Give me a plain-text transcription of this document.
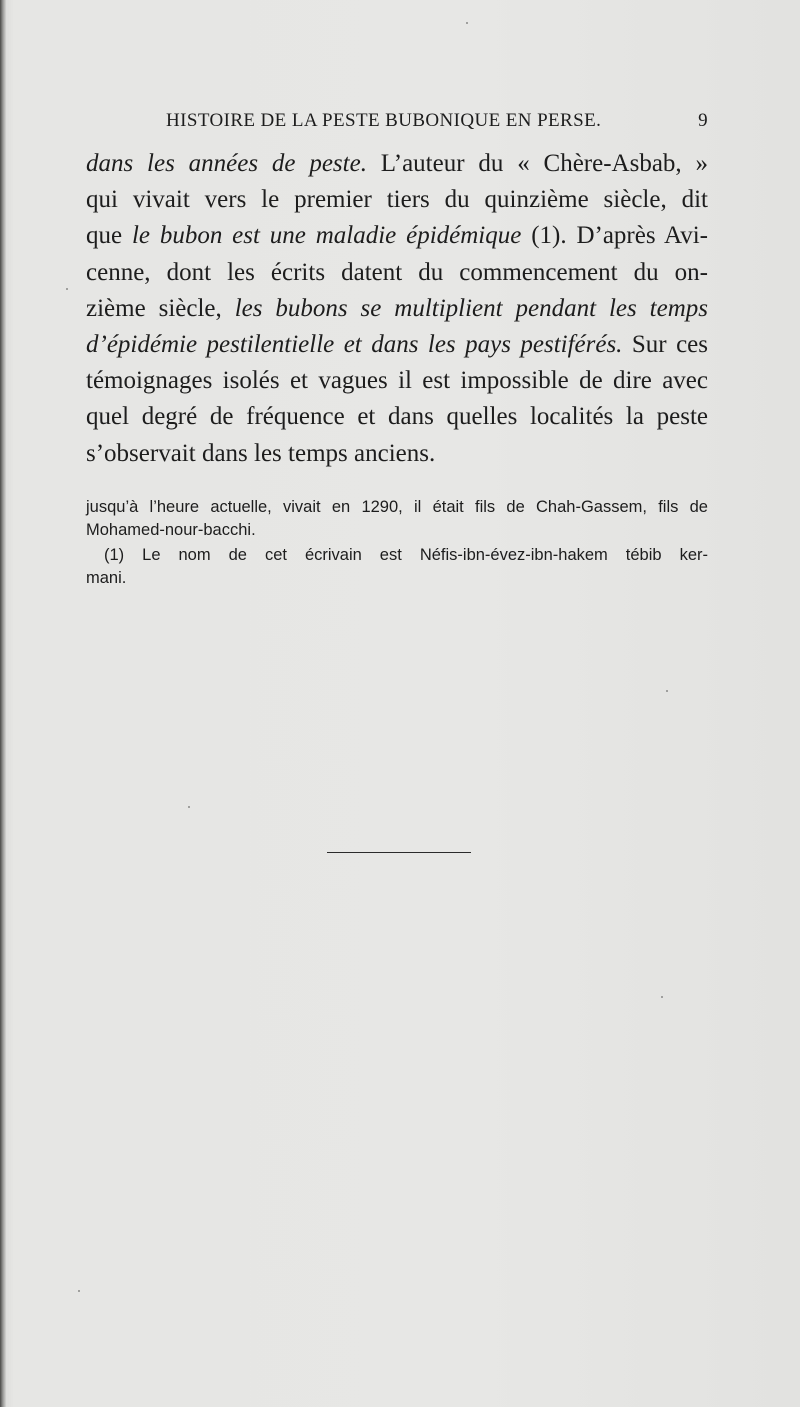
HISTOIRE DE LA PESTE BUBONIQUE EN PERSE.	9
dans les années de peste. L’auteur du « Chère-Asbab, »
qui vivait vers le premier tiers du quinzième siècle, dit
que le bubon est une maladie épidémique (1). D’après Avi-
cenne, dont les écrits datent du commencement du on-
zième siècle, les bubons se multiplient pendant les temps
d’épidémie pestilentielle et dans les pays pestiférés. Sur ces
témoignages isolés et vagues il est impossible de dire avec
quel degré de fréquence et dans quelles localités la peste
s’observait dans les temps anciens.
jusqu’à l’heure actuelle, vivait en 1290, il était fils de Chah-Gassem, fils de
Mohamed-nour-bacchi.
(1) Le nom de cet écrivain est Néfis-ibn-évez-ibn-hakem tébib ker-
mani.
